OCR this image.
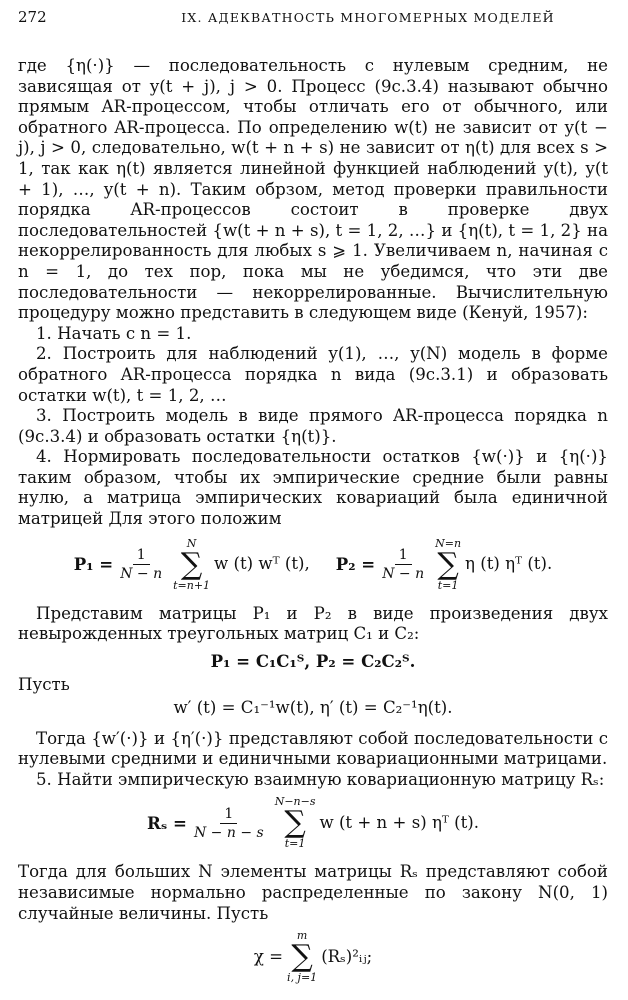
272	IX. АДЕКВАТНОСТЬ МНОГОМЕРНЫХ МОДЕЛЕЙ

где {η(·)} — последовательность с нулевым средним, не зависящая от y(t + j), j > 0. Процесс (9c.3.4) называют обычно прямым AR-процессом, чтобы отличать его от обычного, или обратного AR-процесса. По определению w(t) не зависит от y(t − j), j > 0, следовательно, w(t + n + s) не зависит от η(t) для всех s > 1, так как η(t) является линейной функцией наблюдений y(t), y(t + 1), …, y(t + n). Таким обрзом, метод проверки правильности порядка AR-процессов состоит в проверке двух последовательностей {w(t + n + s), t = 1, 2, …} и {η(t), t = 1, 2} на некоррелированность для любых s ⩾ 1. Увеличиваем n, начиная с n = 1, до тех пор, пока мы не убедимся, что эти две последовательности — некоррелированные. Вычислительную процедуру можно представить в следующем виде (Кенуй, 1957):

1. Начать с n = 1.

2. Построить для наблюдений y(1), …, y(N) модель в форме обратного AR-процесса порядка n вида (9c.3.1) и образовать остатки w(t), t = 1, 2, …

3. Построить модель в виде прямого AR-процесса порядка n (9c.3.4) и образовать остатки {η(t)}.

4. Нормировать последовательности остатков {w(·)} и {η(·)} таким образом, чтобы их эмпирические средние были равны нулю, а матрица эмпирических ковариаций была единичной матрицей Для этого положим

$P_1 = \frac{1}{N - n}$
N
∑
t=n+1
w (t) wᵀ (t), $P_2 = \frac{1}{N - n}$
N=n
∑
t=1
η (t) ηᵀ (t).

Представим матрицы P₁ и P₂ в виде произведения двух невырожденных треугольных матриц C₁ и C₂:

P₁ = C₁C₁ᵀ, P₂ = C₂C₂ᵀ.

Пусть

w′ (t) = C₁⁻¹w(t), η′ (t) = C₂⁻¹η(t).

Тогда {w′(·)} и {η′(·)} представляют собой последовательности с нулевыми средними и единичными ковариационными матрицами.

5. Найти эмпирическую взаимную ковариационную матрицу Rₛ:

$R_s = \frac{1}{N - n - s}$
N−n−s
∑
t=1
w (t + n + s) ηᵀ (t).

Тогда для больших N элементы матрицы Rₛ представляют собой независимые нормально распределенные по закону N(0, 1) случайные величины. Пусть

χ =
m
∑
i, j=1
(Rₛ)²ᵢⱼ;
